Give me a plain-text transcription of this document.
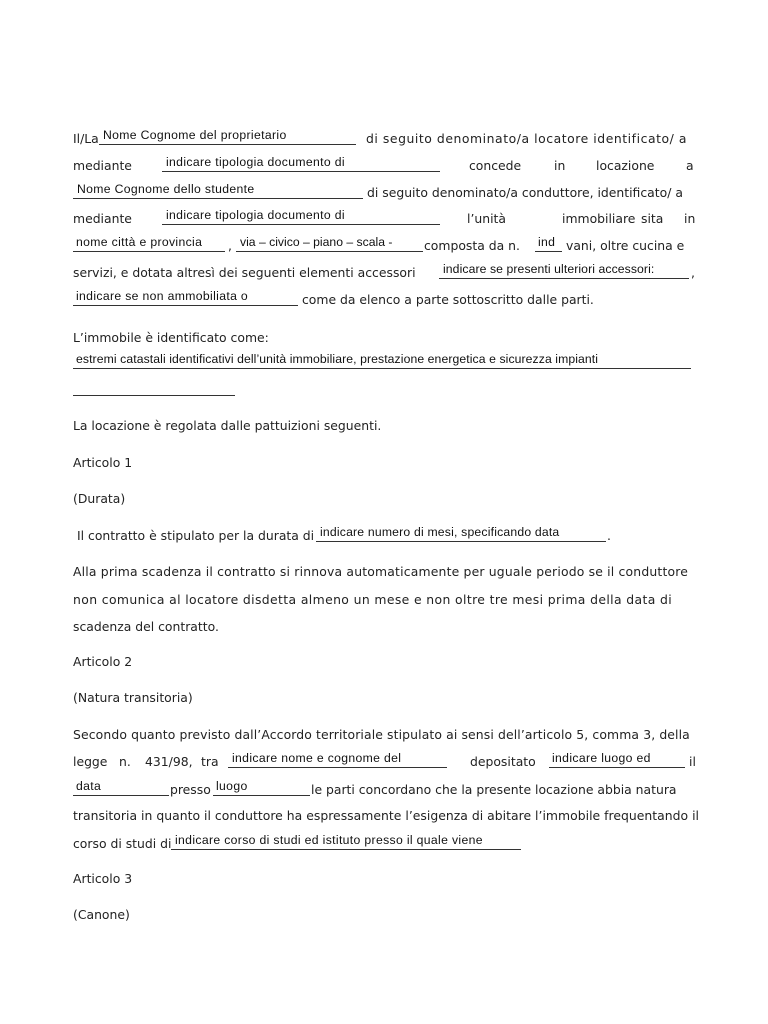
Il/La Nome Cognome del proprietario	di seguito denominato/a locatore identificato/ a
mediante	indicare tipologia documento di	concede	in locazione	a
Nome Cognome dello studente	di seguito denominato/a conduttore, identificato/ a
mediante	indicare tipologia documento di	l’unità	immobiliare sita in
nome città e provincia , via – civico – piano – scala -	composta da n. ind vani, oltre cucina e
servizi, e dotata altresì dei seguenti elementi accessori indicare se presenti ulteriori accessori:	,
indicare se non ammobiliata o	come da elenco a parte sottoscritto dalle parti.
L’immobile è identificato come:
estremi catastali identificativi dell’unità immobiliare, prestazione energetica e sicurezza impianti
La locazione è regolata dalle pattuizioni seguenti.
Articolo 1
(Durata)
Il contratto è stipulato per la durata di indicare numero di mesi, specificando data	.
Alla prima scadenza il contratto si rinnova automaticamente per uguale periodo se il conduttore
non comunica al locatore disdetta almeno un mese e non oltre tre mesi prima della data di
scadenza del contratto.
Articolo 2
(Natura transitoria)
Secondo quanto previsto dall’Accordo territoriale stipulato ai sensi dell’articolo 5, comma 3, della
legge n. 431/98, tra indicare nome e cognome del	depositato indicare luogo ed	il
data	presso luogo	le parti concordano che la presente locazione abbia natura
transitoria in quanto il conduttore ha espressamente l’esigenza di abitare l’immobile frequentando il
corso di studi di indicare corso di studi ed istituto presso il quale viene
Articolo 3
(Canone)
